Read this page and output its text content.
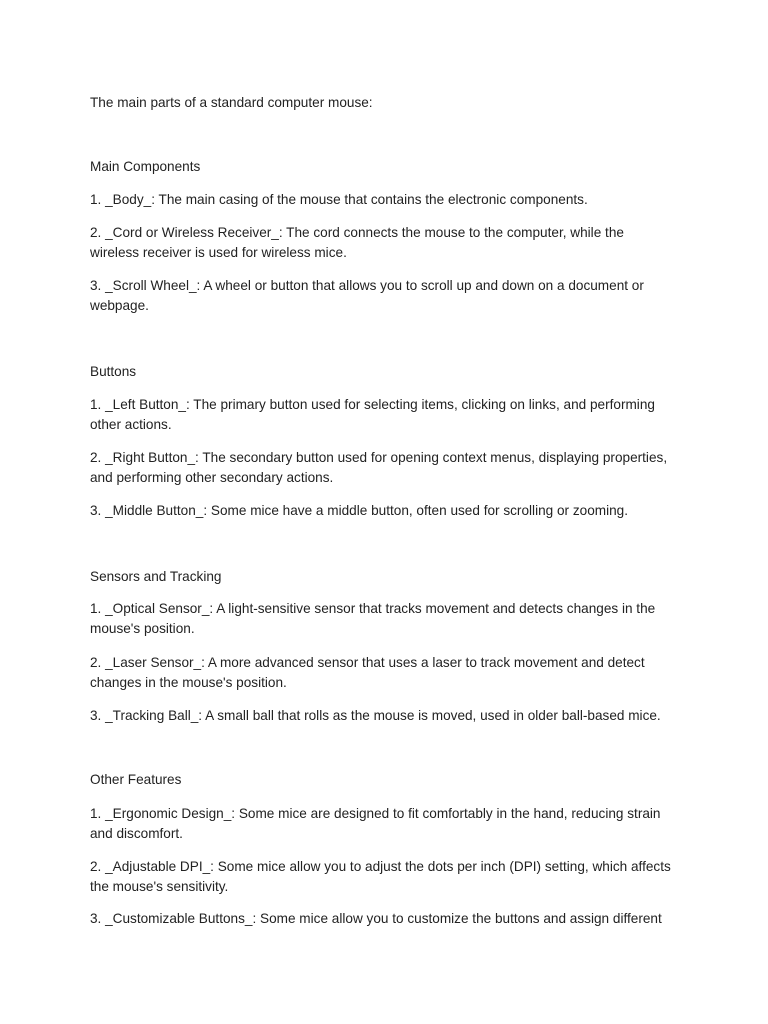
The main parts of a standard computer mouse:

Main Components

1. _Body_: The main casing of the mouse that contains the electronic components.
2. _Cord or Wireless Receiver_: The cord connects the mouse to the computer, while the
wireless receiver is used for wireless mice.
3. _Scroll Wheel_: A wheel or button that allows you to scroll up and down on a document or
webpage.

Buttons

1. _Left Button_: The primary button used for selecting items, clicking on links, and performing
other actions.
2. _Right Button_: The secondary button used for opening context menus, displaying properties,
and performing other secondary actions.
3. _Middle Button_: Some mice have a middle button, often used for scrolling or zooming.

Sensors and Tracking

1. _Optical Sensor_: A light-sensitive sensor that tracks movement and detects changes in the
mouse's position.
2. _Laser Sensor_: A more advanced sensor that uses a laser to track movement and detect
changes in the mouse's position.
3. _Tracking Ball_: A small ball that rolls as the mouse is moved, used in older ball-based mice.

Other Features

1. _Ergonomic Design_: Some mice are designed to fit comfortably in the hand, reducing strain
and discomfort.
2. _Adjustable DPI_: Some mice allow you to adjust the dots per inch (DPI) setting, which affects
the mouse's sensitivity.
3. _Customizable Buttons_: Some mice allow you to customize the buttons and assign different
